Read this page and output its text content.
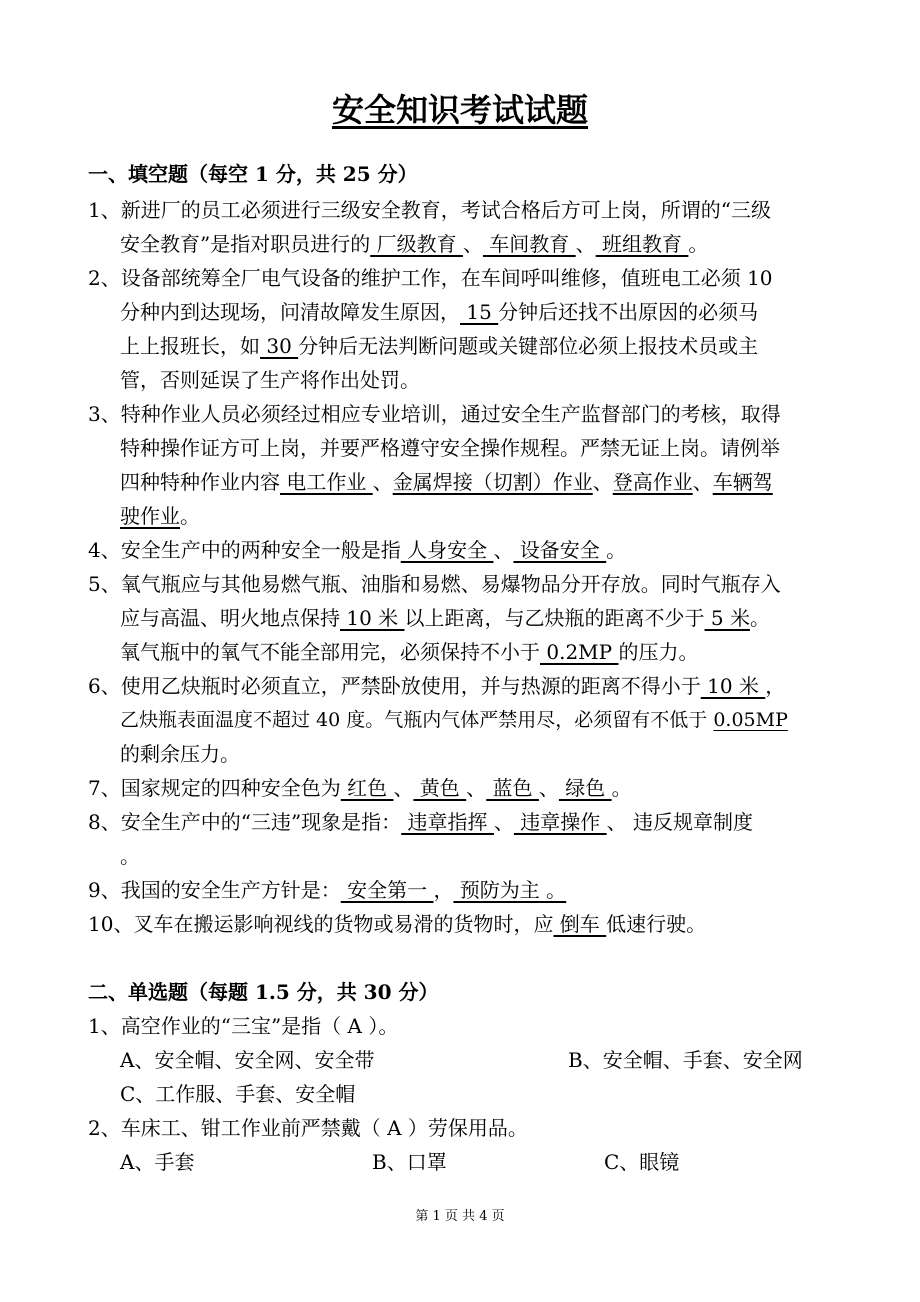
安全知识考试试题
一、填空题（每空 1 分，共 25 分）
1、新进厂的员工必须进行三级安全教育，考试合格后方可上岗，所谓的“三级
安全教育”是指对职员进行的 厂级教育 、 车间教育 、 班组教育 。
2、设备部统筹全厂电气设备的维护工作，在车间呼叫维修，值班电工必须 10
分种内到达现场，问清故障发生原因， 15 分钟后还找不出原因的必须马
上上报班长，如 30 分钟后无法判断问题或关键部位必须上报技术员或主
管，否则延误了生产将作出处罚。
3、特种作业人员必须经过相应专业培训，通过安全生产监督部门的考核，取得
特种操作证方可上岗，并要严格遵守安全操作规程。严禁无证上岗。请例举
四种特种作业内容 电工作业 、金属焊接（切割）作业、登高作业、车辆驾
驶作业。
4、安全生产中的两种安全一般是指 人身安全 、 设备安全 。
5、氧气瓶应与其他易燃气瓶、油脂和易燃、易爆物品分开存放。同时气瓶存入
应与高温、明火地点保持 10 米 以上距离，与乙炔瓶的距离不少于 5 米。
氧气瓶中的氧气不能全部用完，必须保持不小于 0.2MP 的压力。
6、使用乙炔瓶时必须直立，严禁卧放使用，并与热源的距离不得小于 10 米 ，
乙炔瓶表面温度不超过 40 度。气瓶内气体严禁用尽，必须留有不低于 0.05MP
的剩余压力。
7、国家规定的四种安全色为 红色 、 黄色 、 蓝色 、 绿色 。
8、安全生产中的“三违”现象是指： 违章指挥 、 违章操作 、 违反规章制度
。
9、我国的安全生产方针是： 安全第一 ， 预防为主 。
10、叉车在搬运影响视线的货物或易滑的货物时，应 倒车 低速行驶。
二、单选题（每题 1.5 分，共 30 分）
1、高空作业的“三宝”是指（ A ）。
A、安全帽、安全网、安全带	B、安全帽、手套、安全网
C、工作服、手套、安全帽
2、车床工、钳工作业前严禁戴（ A ）劳保用品。
A、手套	B、口罩	C、眼镜
第 1 页 共 4 页
